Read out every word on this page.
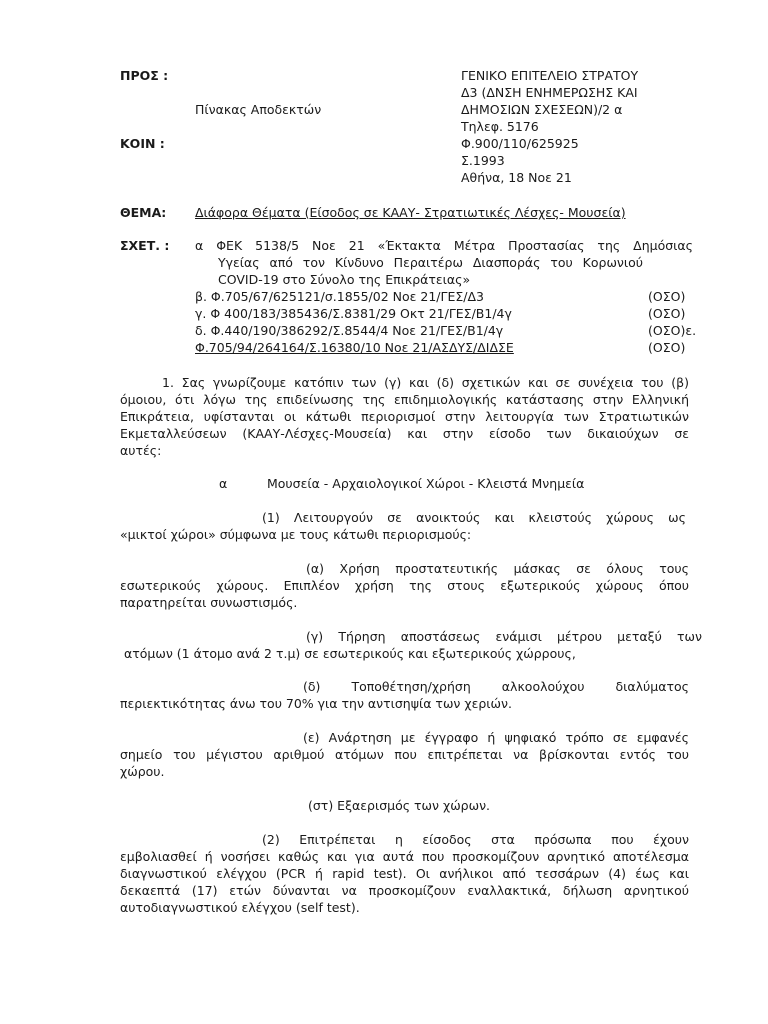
ΠΡΟΣ :
Πίνακας Αποδεκτών
ΚΟΙΝ :
ΓΕΝΙΚΟ ΕΠΙΤΕΛΕΙΟ ΣΤΡΑΤΟΥ
Δ3 (ΔΝΣΗ ΕΝΗΜΕΡΩΣΗΣ ΚΑΙ
ΔΗΜΟΣΙΩΝ ΣΧΕΣΕΩΝ)/2 α
Τηλεφ. 5176
Φ.900/110/625925
Σ.1993
Αθήνα, 18 Νοε 21
ΘΕΜΑ: Διάφορα Θέματα (Είσοδος σε ΚΑΑΥ- Στρατιωτικές Λέσχες- Μουσεία)
ΣΧΕΤ. : α ΦΕΚ 5138/5 Νοε 21 «Έκτακτα Μέτρα Προστασίας της Δημόσιας
Υγείας από τον Κίνδυνο Περαιτέρω Διασποράς του Κορωνιού
COVID-19 στο Σύνολο της Επικράτειας»
β. Φ.705/67/625121/σ.1855/02 Νοε 21/ΓΕΣ/Δ3	(ΟΣΟ)
γ. Φ 400/183/385436/Σ.8381/29 Οκτ 21/ΓΕΣ/Β1/4γ	(ΟΣΟ)
δ. Φ.440/190/386292/Σ.8544/4 Νοε 21/ΓΕΣ/Β1/4γ	(ΟΣΟ)ε.
Φ.705/94/264164/Σ.16380/10 Νοε 21/ΑΣΔΥΣ/ΔΙΔΣΕ	(ΟΣΟ)
1. Σας γνωρίζουμε κατόπιν των (γ) και (δ) σχετικών και σε συνέχεια του (β)
όμοιου, ότι λόγω της επιδείνωσης της επιδημιολογικής κατάστασης στην Ελληνική
Επικράτεια, υφίστανται οι κάτωθι περιορισμοί στην λειτουργία των Στρατιωτικών
Εκμεταλλεύσεων (ΚΑΑΥ-Λέσχες-Μουσεία) και στην είσοδο των δικαιούχων σε
αυτές:
α	Μουσεία - Αρχαιολογικοί Χώροι - Κλειστά Μνημεία
(1) Λειτουργούν σε ανοικτούς και κλειστούς χώρους ως
«μικτοί χώροι» σύμφωνα με τους κάτωθι περιορισμούς:
(α) Χρήση προστατευτικής μάσκας σε όλους τους
εσωτερικούς χώρους. Επιπλέον χρήση της στους εξωτερικούς χώρους όπου
παρατηρείται συνωστισμός.
(γ) Τήρηση αποστάσεως ενάμισι μέτρου μεταξύ των
ατόμων (1 άτομο ανά 2 τ.μ) σε εσωτερικούς και εξωτερικούς χώρρους,
(δ) Τοποθέτηση/χρήση αλκοολούχου διαλύματος
περιεκτικότητας άνω του 70% για την αντισηψία των χεριών.
(ε) Ανάρτηση με έγγραφο ή ψηφιακό τρόπο σε εμφανές
σημείο του μέγιστου αριθμού ατόμων που επιτρέπεται να βρίσκονται εντός του
χώρου.
(στ) Εξαερισμός των χώρων.
(2) Επιτρέπεται η είσοδος στα πρόσωπα που έχουν
εμβολιασθεί ή νοσήσει καθώς και για αυτά που προσκομίζουν αρνητικό αποτέλεσμα
διαγνωστικού ελέγχου (PCR ή rapid test). Οι ανήλικοι από τεσσάρων (4) έως και
δεκαεπτά (17) ετών δύνανται να προσκομίζουν εναλλακτικά, δήλωση αρνητικού
αυτοδιαγνωστικού ελέγχου (self test).
